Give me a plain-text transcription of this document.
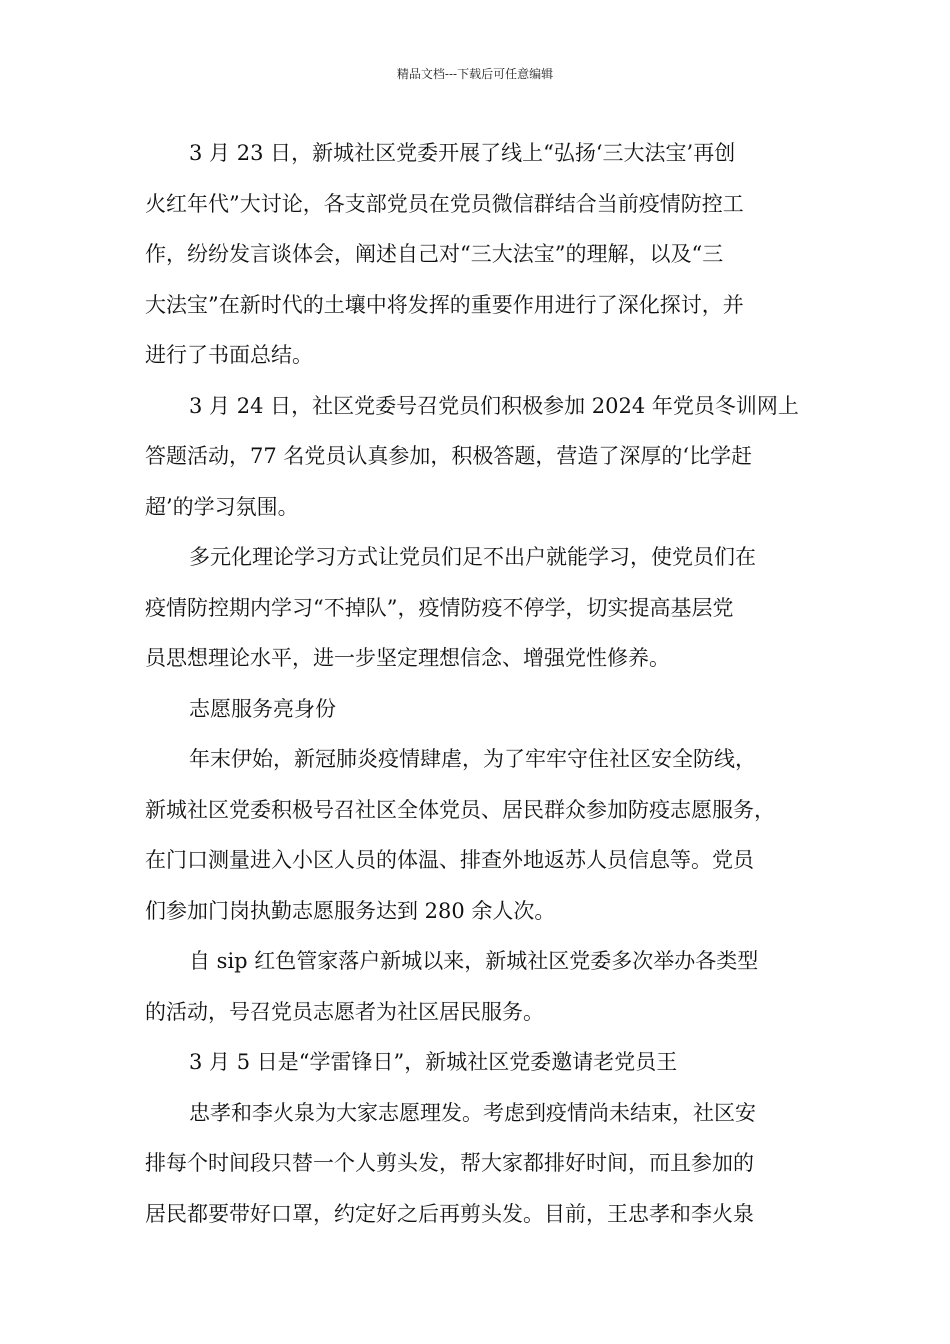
精品文档---下载后可任意编辑

3 月 23 日，新城社区党委开展了线上“弘扬‘三大法宝’再创
火红年代”大讨论，各支部党员在党员微信群结合当前疫情防控工
作，纷纷发言谈体会，阐述自己对“三大法宝”的理解，以及“三
大法宝”在新时代的土壤中将发挥的重要作用进行了深化探讨，并
进行了书面总结。

3 月 24 日，社区党委号召党员们积极参加 2024 年党员冬训网上
答题活动，77 名党员认真参加，积极答题，营造了深厚的‘比学赶
超’的学习氛围。

多元化理论学习方式让党员们足不出户就能学习，使党员们在
疫情防控期内学习“不掉队”，疫情防疫不停学，切实提高基层党
员思想理论水平，进一步坚定理想信念、增强党性修养。

志愿服务亮身份

年末伊始，新冠肺炎疫情肆虐，为了牢牢守住社区安全防线，
新城社区党委积极号召社区全体党员、居民群众参加防疫志愿服务，
在门口测量进入小区人员的体温、排查外地返苏人员信息等。党员
们参加门岗执勤志愿服务达到 280 余人次。

自 sip 红色管家落户新城以来，新城社区党委多次举办各类型
的活动，号召党员志愿者为社区居民服务。

3 月 5 日是“学雷锋日”，新城社区党委邀请老党员王

忠孝和李火泉为大家志愿理发。考虑到疫情尚未结束，社区安
排每个时间段只替一个人剪头发，帮大家都排好时间，而且参加的
居民都要带好口罩，约定好之后再剪头发。目前，王忠孝和李火泉
